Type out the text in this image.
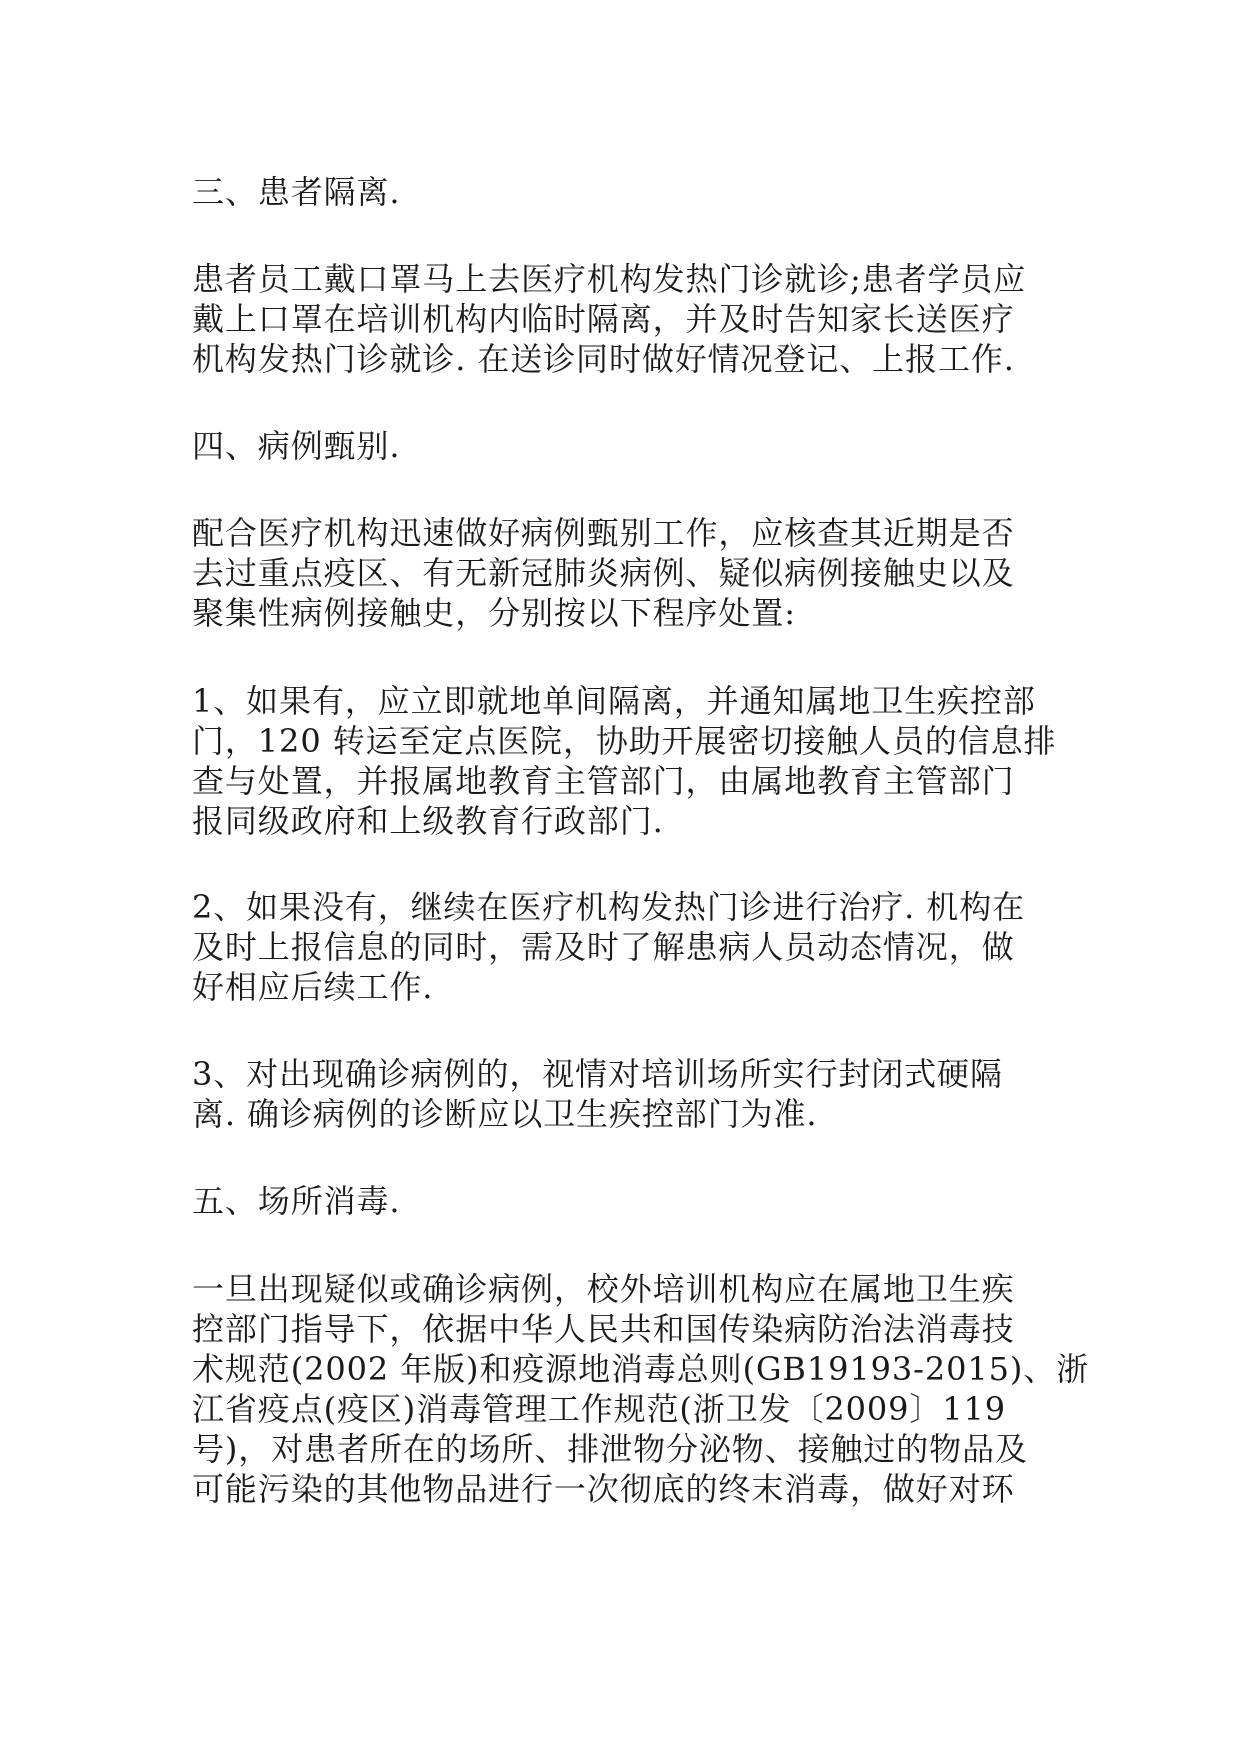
三、患者隔离.
患者员工戴口罩马上去医疗机构发热门诊就诊;患者学员应
戴上口罩在培训机构内临时隔离，并及时告知家长送医疗
机构发热门诊就诊. 在送诊同时做好情况登记、上报工作.
四、病例甄别.
配合医疗机构迅速做好病例甄别工作，应核查其近期是否
去过重点疫区、有无新冠肺炎病例、疑似病例接触史以及
聚集性病例接触史，分别按以下程序处置:
1、如果有，应立即就地单间隔离，并通知属地卫生疾控部
门，120 转运至定点医院，协助开展密切接触人员的信息排
查与处置，并报属地教育主管部门，由属地教育主管部门
报同级政府和上级教育行政部门.
2、如果没有，继续在医疗机构发热门诊进行治疗. 机构在
及时上报信息的同时，需及时了解患病人员动态情况，做
好相应后续工作.
3、对出现确诊病例的，视情对培训场所实行封闭式硬隔
离. 确诊病例的诊断应以卫生疾控部门为准.
五、场所消毒.
一旦出现疑似或确诊病例，校外培训机构应在属地卫生疾
控部门指导下，依据中华人民共和国传染病防治法消毒技
术规范(2002 年版)和疫源地消毒总则(GB19193-2015)、浙
江省疫点(疫区)消毒管理工作规范(浙卫发〔2009〕119
号)，对患者所在的场所、排泄物分泌物、接触过的物品及
可能污染的其他物品进行一次彻底的终末消毒，做好对环
